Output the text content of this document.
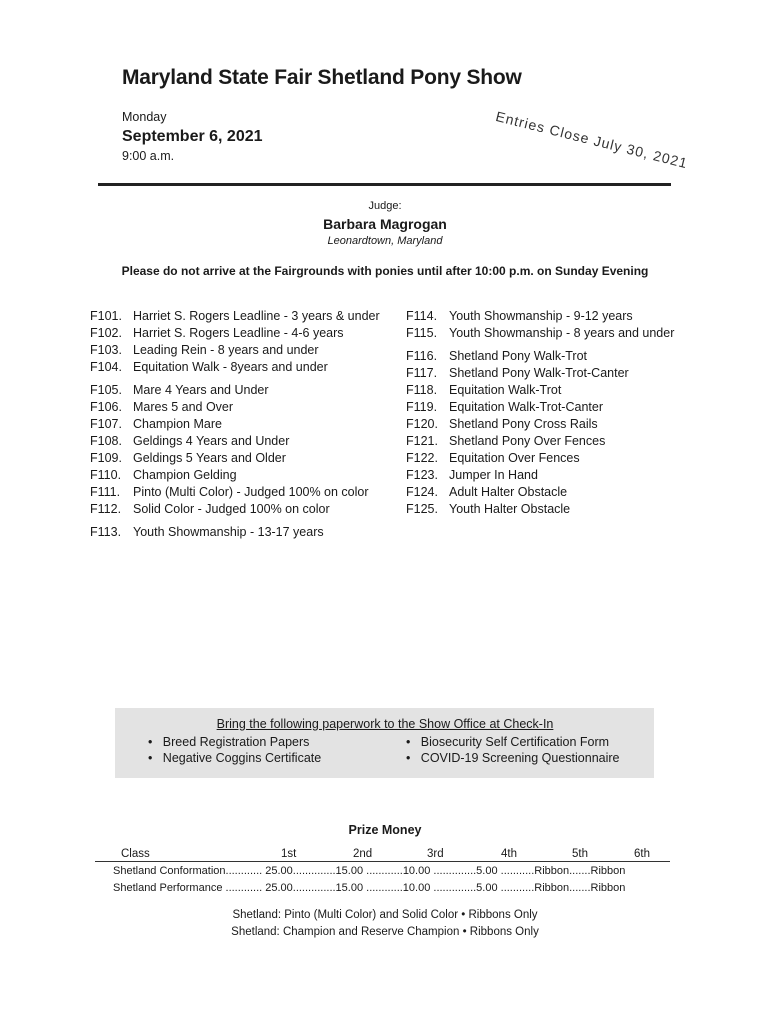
Maryland State Fair Shetland Pony Show
Monday
September 6, 2021
9:00 a.m.	Entries Close July 30, 2021
Judge:
Barbara Magrogan
Leonardtown, Maryland
Please do not arrive at the Fairgrounds with ponies until after 10:00 p.m. on Sunday Evening
F101. Harriet S. Rogers Leadline - 3 years & under
F102. Harriet S. Rogers Leadline - 4-6 years
F103. Leading Rein - 8 years and under
F104. Equitation Walk - 8years and under
F105. Mare 4 Years and Under
F106. Mares 5 and Over
F107. Champion Mare
F108. Geldings 4 Years and Under
F109. Geldings 5 Years and Older
F110. Champion Gelding
F111. Pinto (Multi Color) - Judged 100% on color
F112. Solid Color - Judged 100% on color
F113. Youth Showmanship - 13-17 years
F114. Youth Showmanship - 9-12 years
F115. Youth Showmanship - 8 years and under
F116. Shetland Pony Walk-Trot
F117. Shetland Pony Walk-Trot-Canter
F118. Equitation Walk-Trot
F119. Equitation Walk-Trot-Canter
F120. Shetland Pony Cross Rails
F121. Shetland Pony Over Fences
F122. Equitation Over Fences
F123. Jumper In Hand
F124. Adult Halter Obstacle
F125. Youth Halter Obstacle
Bring the following paperwork to the Show Office at Check-In
•   Breed Registration Papers
•   Negative Coggins Certificate
•   Biosecurity Self Certification Form
•   COVID-19 Screening Questionnaire
Prize Money
Class	1st	2nd	3rd	4th	5th	6th
Shetland Conformation............ 25.00..............15.00 ............10.00 ..............5.00 ...........Ribbon.......Ribbon
Shetland Performance ............ 25.00..............15.00 ............10.00 ..............5.00 ...........Ribbon.......Ribbon
Shetland: Pinto (Multi Color) and Solid Color • Ribbons Only
Shetland: Champion and Reserve Champion • Ribbons Only
